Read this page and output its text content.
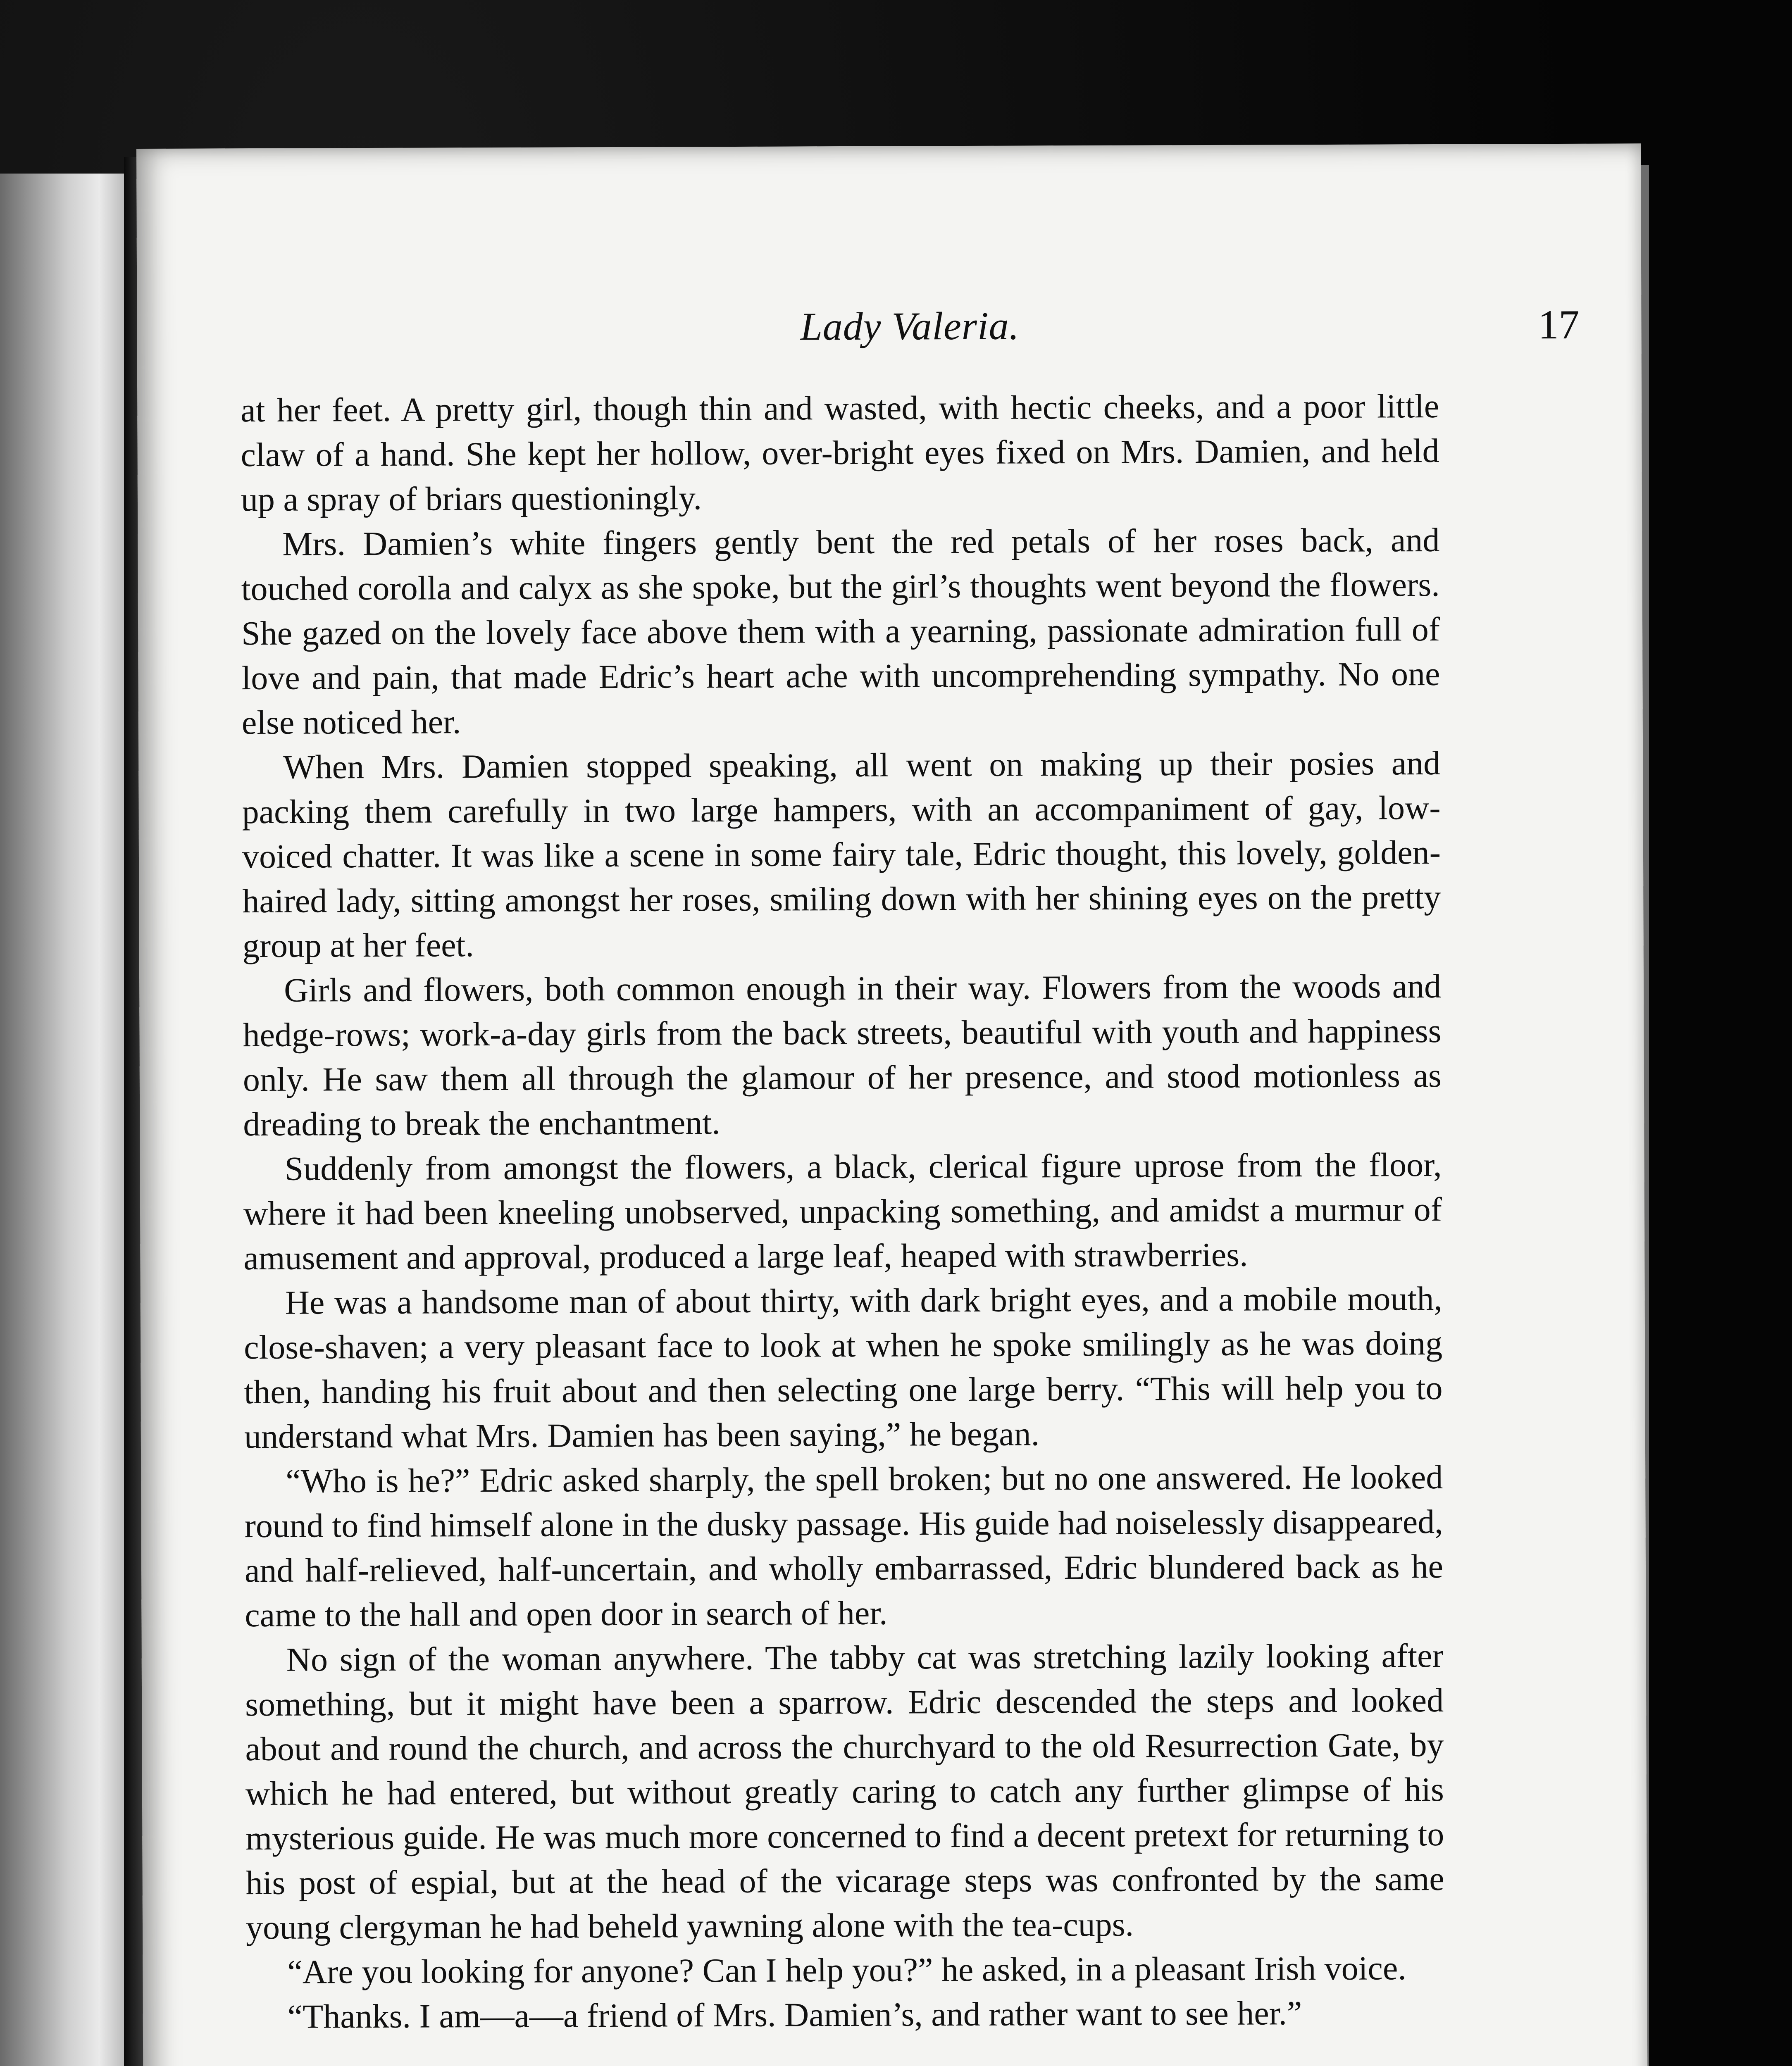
Lady Valeria.	17

at her feet. A pretty girl, though thin and wasted, with hectic cheeks, and a poor little claw of a hand. She kept her hollow, over-bright eyes fixed on Mrs. Damien, and held up a spray of briars questioningly.

Mrs. Damien’s white fingers gently bent the red petals of her roses back, and touched corolla and calyx as she spoke, but the girl’s thoughts went beyond the flowers. She gazed on the lovely face above them with a yearning, passionate admiration full of love and pain, that made Edric’s heart ache with uncomprehending sympathy. No one else noticed her.

When Mrs. Damien stopped speaking, all went on making up their posies and packing them carefully in two large hampers, with an accompaniment of gay, low-voiced chatter. It was like a scene in some fairy tale, Edric thought, this lovely, golden-haired lady, sitting amongst her roses, smiling down with her shining eyes on the pretty group at her feet.

Girls and flowers, both common enough in their way. Flowers from the woods and hedge-rows; work-a-day girls from the back streets, beautiful with youth and happiness only. He saw them all through the glamour of her presence, and stood motionless as dreading to break the enchantment.

Suddenly from amongst the flowers, a black, clerical figure uprose from the floor, where it had been kneeling unobserved, unpacking something, and amidst a murmur of amusement and approval, produced a large leaf, heaped with strawberries.

He was a handsome man of about thirty, with dark bright eyes, and a mobile mouth, close-shaven; a very pleasant face to look at when he spoke smilingly as he was doing then, handing his fruit about and then selecting one large berry. “This will help you to understand what Mrs. Damien has been saying,” he began.

“Who is he?” Edric asked sharply, the spell broken; but no one answered. He looked round to find himself alone in the dusky passage. His guide had noiselessly disappeared, and half-relieved, half-uncertain, and wholly embarrassed, Edric blundered back as he came to the hall and open door in search of her.

No sign of the woman anywhere. The tabby cat was stretching lazily looking after something, but it might have been a sparrow. Edric descended the steps and looked about and round the church, and across the churchyard to the old Resurrection Gate, by which he had entered, but without greatly caring to catch any further glimpse of his mysterious guide. He was much more concerned to find a decent pretext for returning to his post of espial, but at the head of the vicarage steps was confronted by the same young clergyman he had beheld yawning alone with the tea-cups.

“Are you looking for anyone? Can I help you?” he asked, in a pleasant Irish voice.

“Thanks. I am—a—a friend of Mrs. Damien’s, and rather want to see her.”
